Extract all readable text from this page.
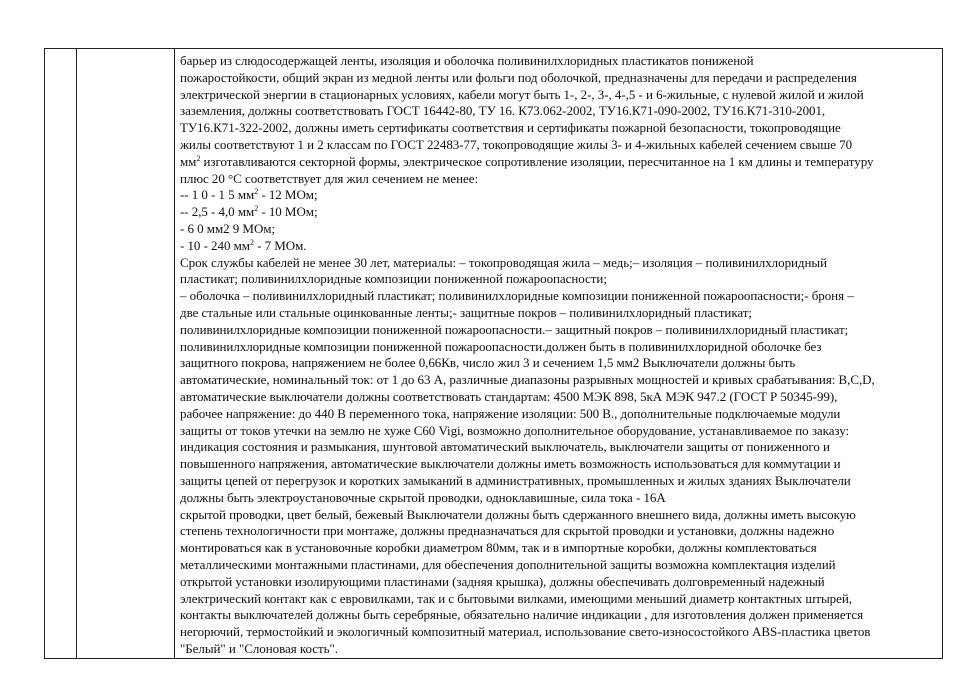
барьер из слюдосодержащей ленты, изоляция и оболочка поливинилхлоридных пластикатов пониженой
пожаростойкости, общий экран из медной ленты или фольги под оболочкой, предназначены для передачи и распределения
электрической энергии в стационарных условиях, кабели могут быть 1-, 2-, 3-, 4-,5 - и 6-жильные, с нулевой жилой и жилой
заземления, должны соответствовать ГОСТ 16442-80, ТУ 16. К73.062-2002, ТУ16.К71-090-2002, ТУ16.К71-310-2001,
ТУ16.К71-322-2002, должны иметь сертификаты соответствия и сертификаты пожарной безопасности, токопроводящие
жилы соответствуют 1 и 2 классам по ГОСТ 22483-77, токопроводящие жилы 3- и 4-жильных кабелей сечением свыше 70
$мм^2$ изготавливаются секторной формы, электрическое сопротивление изоляции, пересчитанное на 1 км длины и температуру
плюс 20 °С соответствует для жил сечением не менее:
-- 1 0 - 1 5 $мм^2 - 12$ МОм;
-- 2,5 - 4,0 $мм^2 - 10$ МОм;
- 6 0 мм2 9 МОм;
- 10 - 240 $мм^2 - 7$ МОм.
Срок службы кабелей не менее 30 лет, материалы: – токопроводящая жила – медь;– изоляция – поливинилхлоридный
пластикат; поливинилхлоридные композиции пониженной пожароопасности;
– оболочка – поливинилхлоридный пластикат; поливинилхлоридные композиции пониженной пожароопасности;- броня –
две стальные или стальные оцинкованные ленты;- защитные покров – поливинилхлоридный пластикат;
поливинилхлоридные композиции пониженной пожароопасности.– защитный покров – поливинилхлоридный пластикат;
поливинилхлоридные композиции пониженной пожароопасности.должен быть в поливинилхлоридной оболочке без
защитного покрова, напряжением не более 0,66Кв, число жил 3 и сечением 1,5 мм2 Выключатели должны быть
автоматические, номинальный ток: от 1 до 63 А, различные диапазоны разрывных мощностей и кривых срабатывания: B,C,D,
автоматические выключатели должны соответствовать стандартам: 4500 МЭК 898, 5кА МЭК 947.2 (ГОСТ Р 50345-99),
рабочее напряжение: до 440 В переменного тока, напряжение изоляции: 500 В., дополнительные подключаемые модули
защиты от токов утечки на землю не хуже С60 Vigi, возможно дополнительное оборудование, устанавливаемое по заказу:
индикация состояния и размыкания, шунтовой автоматический выключатель, выключатели защиты от пониженного и
повышенного напряжения, автоматические выключатели должны иметь возможность использоваться для коммутации и
защиты цепей от перегрузок и коротких замыканий в административных, промышленных и жилых зданиях Выключатели
должны быть электроустановочные скрытой проводки, одноклавишные, сила тока - 16А
скрытой проводки, цвет белый, бежевый Выключатели должны быть сдержанного внешнего вида, должны иметь высокую
степень технологичности при монтаже, должны предназначаться для скрытой проводки и установки, должны надежно
монтироваться как в установочные коробки диаметром 80мм, так и в импортные коробки, должны комплектоваться
металлическими монтажными пластинами, для обеспечения дополнительной защиты возможна комплектация изделий
открытой установки изолирующими пластинами (задняя крышка), должны обеспечивать долговременный надежный
электрический контакт как с евровилками, так и с бытовыми вилками, имеющими меньший диаметр контактных штырей,
контакты выключателей должны быть серебряные, обязательно наличие индикации , для изготовления должен применяется
негорючий, термостойкий и экологичный композитный материал, использование свето-износостойкого ABS-пластика цветов
"Белый" и "Слоновая кость".
